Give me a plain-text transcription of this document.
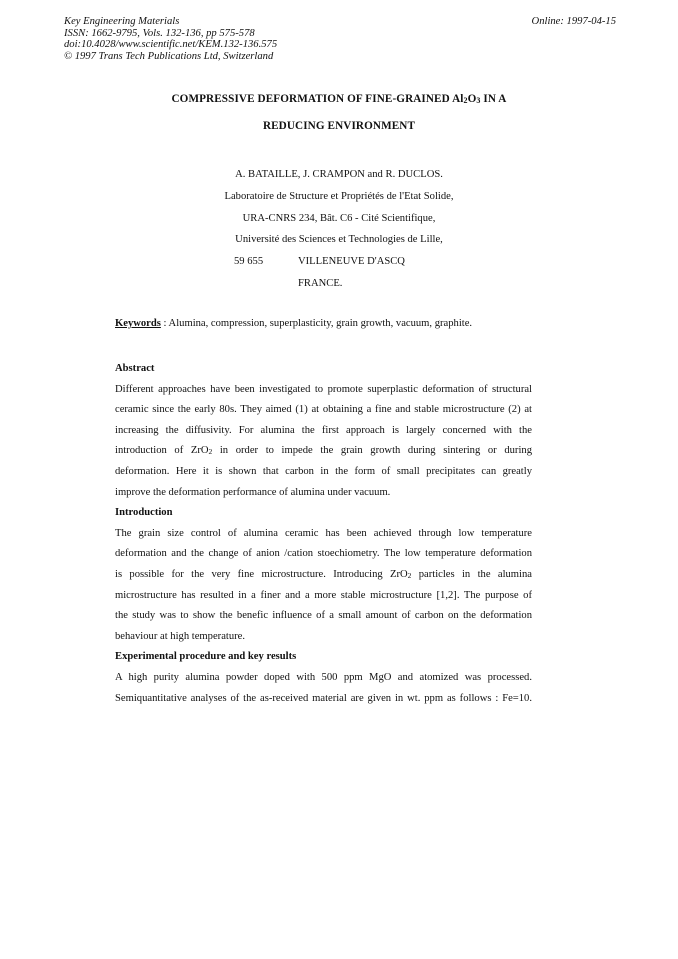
Key Engineering Materials
ISSN: 1662-9795, Vols. 132-136, pp 575-578
doi:10.4028/www.scientific.net/KEM.132-136.575
© 1997 Trans Tech Publications Ltd, Switzerland
Online: 1997-04-15
COMPRESSIVE DEFORMATION OF FINE-GRAINED $Al_2O_3$ IN A
REDUCING ENVIRONMENT
A. BATAILLE, J. CRAMPON and R. DUCLOS.
Laboratoire de Structure et Propriétés de l'Etat Solide,
URA-CNRS 234, Bât. C6 - Cité Scientifique,
Université des Sciences et Technologies de Lille,
59 655	VILLENEUVE D'ASCQ
FRANCE.
Keywords : Alumina, compression, superplasticity, grain growth, vacuum, graphite.
Abstract
Different approaches have been investigated to promote superplastic deformation of structural
ceramic since the early 80s. They aimed (1) at obtaining a fine and stable microstructure (2) at
increasing the diffusivity. For alumina the first approach is largely concerned with the
introduction of ZrO$_2$ in order to impede the grain growth during sintering or during
deformation. Here it is shown that carbon in the form of small precipitates can greatly
improve the deformation performance of alumina under vacuum.
Introduction
The grain size control of alumina ceramic has been achieved through low temperature
deformation and the change of anion /cation stoechiometry. The low temperature deformation
is possible for the very fine microstructure. Introducing ZrO$_2$ particles in the alumina
microstructure has resulted in a finer and a more stable microstructure [1,2]. The purpose of
the study was to show the benefic influence of a small amount of carbon on the deformation
behaviour at high temperature.
Experimental procedure and key results
A high purity alumina powder doped with 500 ppm MgO and atomized was processed.
Semiquantitative analyses of the as-received material are given in wt. ppm as follows : Fe=10.
